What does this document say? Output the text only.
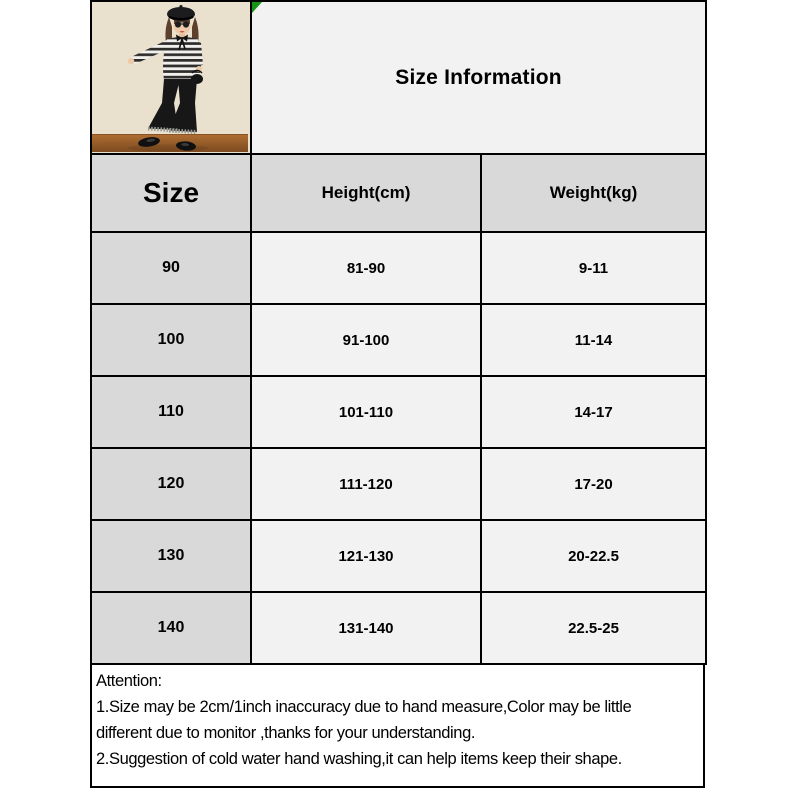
Size Information	
Size	Height(cm)	Weight(kg)
90	81-90	9-11
100	91-100	11-14
110	101-110	14-17
120	111-120	17-20
130	121-130	20-22.5
140	131-140	22.5-25
Attention:
1.Size may be 2cm/1inch inaccuracy due to hand measure,Color may be little
different due to monitor ,thanks for your understanding.
2.Suggestion of cold water hand washing,it can help items keep their shape.
